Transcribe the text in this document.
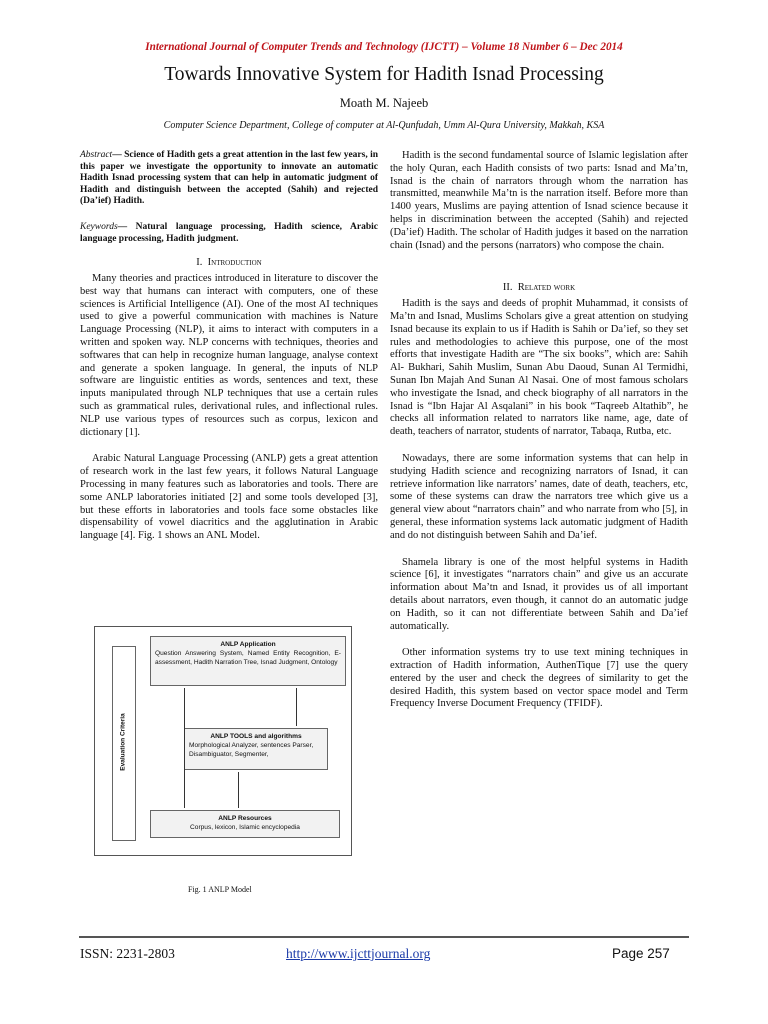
International Journal of Computer Trends and Technology (IJCTT) – Volume 18 Number 6 – Dec 2014
Towards Innovative System for Hadith Isnad Processing
Moath M. Najeeb
Computer Science Department, College of computer at Al-Qunfudah, Umm Al-Qura University, Makkah, KSA
Abstract— Science of Hadith gets a great attention in the last few years, in this paper we investigate the opportunity to innovate an automatic Hadith Isnad processing system that can help in automatic judgment of Hadith and distinguish between the accepted (Sahih) and rejected (Da’ief) Hadith.
Keywords— Natural language processing, Hadith science, Arabic language processing, Hadith judgment.
I. Introduction

Many theories and practices introduced in literature to discover the best way that humans can interact with computers, one of these sciences is Artificial Intelligence (AI). One of the most AI techniques used to give a powerful communication with machines is Nature Language Processing (NLP), it aims to interact with computers in a written and spoken way. NLP concerns with techniques, theories and softwares that can help in recognize human language, analyse context and generate a spoken language. In general, the inputs of NLP software are linguistic entities as words, sentences and text, these inputs manipulated through NLP techniques that use a certain rules such as grammatical rules, derivational rules, and inflectional rules. NLP use various types of resources such as corpus, lexicon and dictionary [1].

Arabic Natural Language Processing (ANLP) gets a great attention of research work in the last few years, it follows Natural Language Processing in many features such as laboratories and tools. There are some ANLP laboratories initiated [2] and some tools developed [3], but these efforts in laboratories and tools face some obstacles like dispensability of vowel diacritics and the agglutination in Arabic language [4]. Fig. 1 shows an ANL Model.

Evaluation Criteria
ANLP Application
Question Answering System, Named Entity Recognition, E-assessment, Hadith Narration Tree, Isnad Judgment, Ontology
ANLP TOOLS and algorithms
Morphological Analyzer, sentences Parser, Disambiguator, Segmenter,
ANLP Resources
Corpus, lexicon, Islamic encyclopedia
Fig. 1 ANLP Model

Hadith is the second fundamental source of Islamic legislation after the holy Quran, each Hadith consists of two parts: Isnad and Ma’tn, Isnad is the chain of narrators through whom the narration has transmitted, meanwhile Ma’tn is the narration itself. Before more than 1400 years, Muslims are paying attention of Isnad science because it helps in discrimination between the accepted (Sahih) and rejected (Da’ief) Hadith. The scholar of Hadith judges it based on the narration chain (Isnad) and the persons (narrators) who compose the chain.

II. Related work

Hadith is the says and deeds of prophit Muhammad, it consists of Ma’tn and Isnad, Muslims Scholars give a great attention on studying Isnad because its explain to us if Hadith is Sahih or Da’ief, so they set rules and methodologies to achieve this purpose, one of the most efforts that investigate Hadith are “The six books”, which are: Sahih Al- Bukhari, Sahih Muslim, Sunan Abu Daoud, Sunan Al Termidhi, Sunan Ibn Majah And Sunan Al Nasai. One of most famous scholars who investigate the Isnad, and check biography of all narrators in the Isnad is “Ibn Hajar Al Asqalani” in his book “Taqreeb Altathib”, he checks all information related to narrators like name, age, date of death, teachers of narrator, students of narrator, Tabaqa, Rutba, etc.

Nowadays, there are some information systems that can help in studying Hadith science and recognizing narrators of Isnad, it can retrieve information like narrators’ names, date of death, teachers, etc, some of these systems can draw the narrators tree which give us a general view about “narrators chain” and who narrate from who [5], in general, these information systems lack automatic judgment of Hadith and do not distinguish between Sahih and Da’ief.

Shamela library is one of the most helpful systems in Hadith science [6], it investigates “narrators chain” and give us an accurate information about Ma’tn and Isnad, it provides us of all important details about narrators, even though, it cannot do an automatic judge on Hadith, so it can not differentiate between Sahih and Da’ief automatically.

Other information systems try to use text mining techniques in extraction of Hadith information, AuthenTique [7] use the query entered by the user and check the degrees of similarity to get the desired Hadith, this system based on vector space model and Term Frequency Inverse Document Frequency (TFIDF).

ISSN: 2231-2803	http://www.ijcttjournal.org	Page 257
